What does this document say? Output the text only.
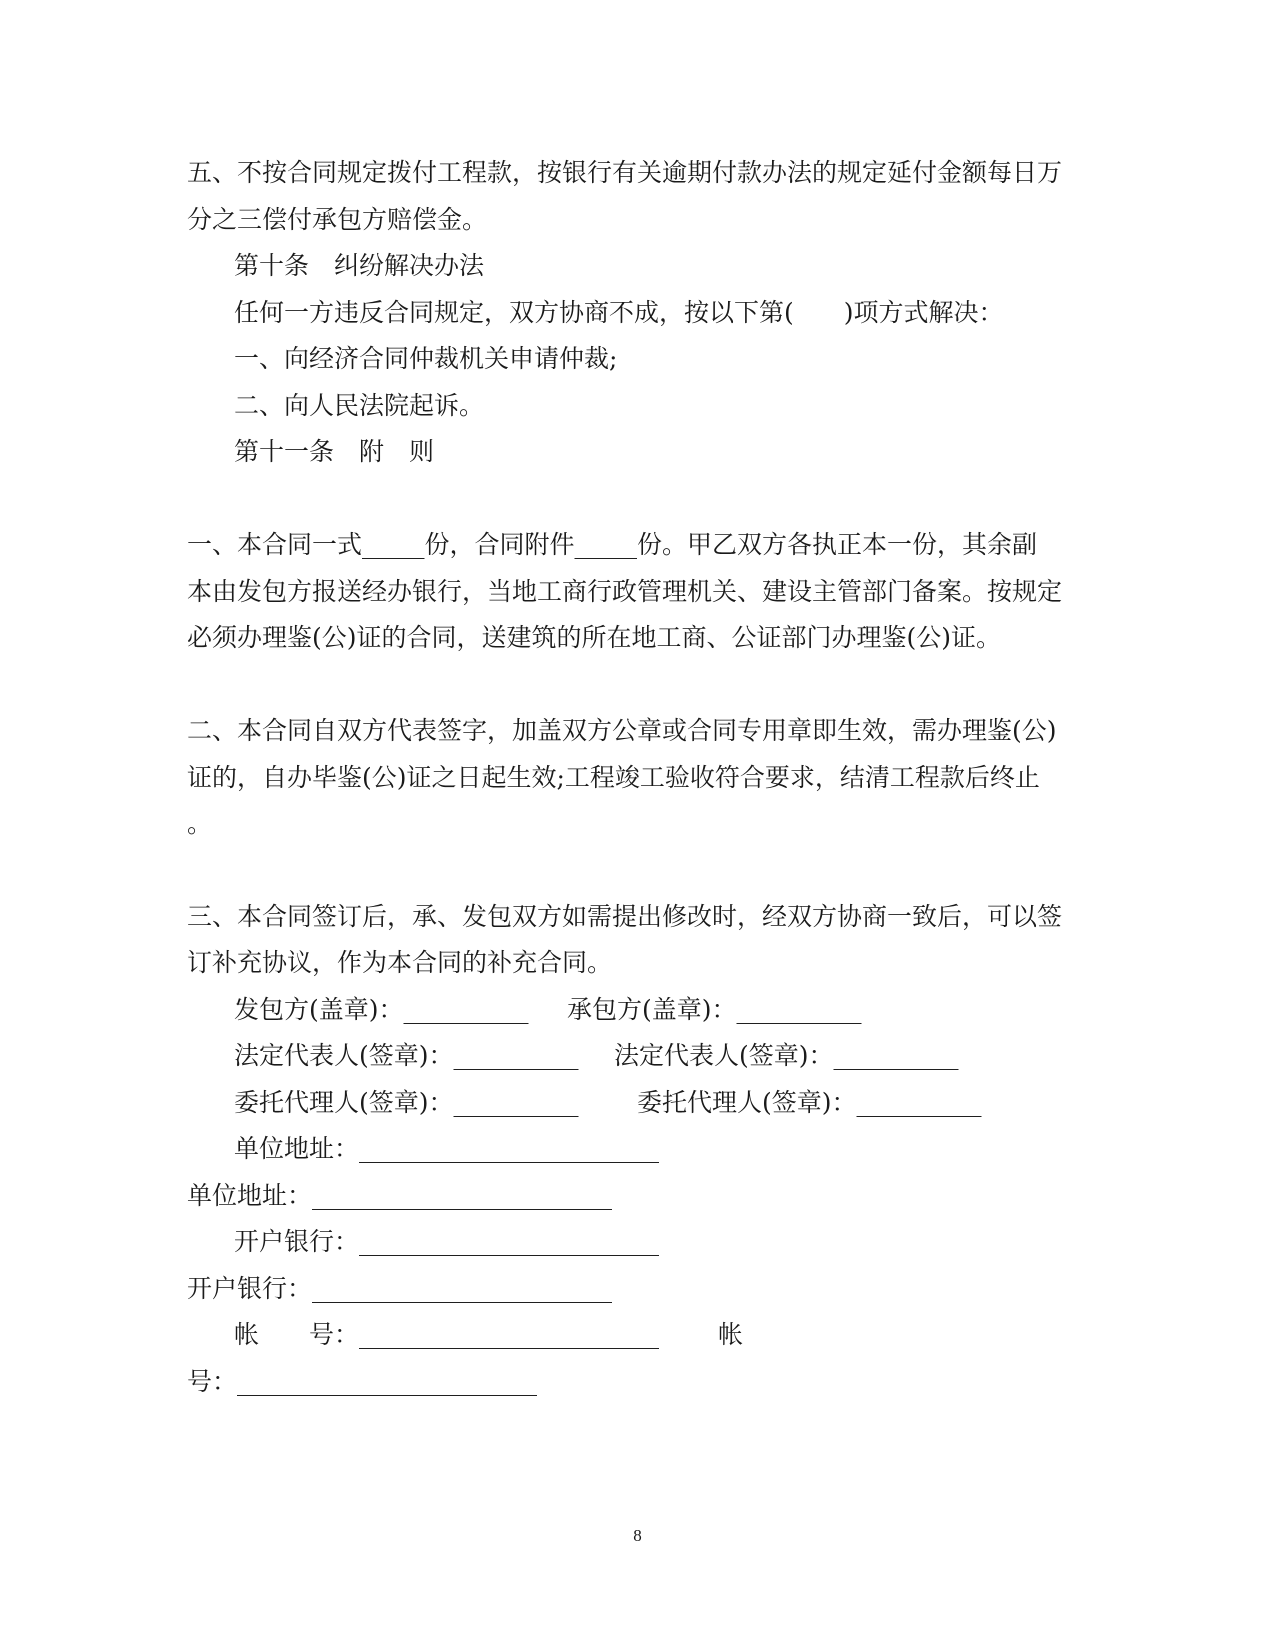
五、不按合同规定拨付工程款，按银行有关逾期付款办法的规定延付金额每日万

分之三偿付承包方赔偿金。

第十条　纠纷解决办法

任何一方违反合同规定，双方协商不成，按以下第(　　)项方式解决：

一、向经济合同仲裁机关申请仲裁;

二、向人民法院起诉。

第十一条　附　则

一、本合同一式_____份，合同附件_____份。甲乙双方各执正本一份，其余副

本由发包方报送经办银行，当地工商行政管理机关、建设主管部门备案。按规定

必须办理鉴(公)证的合同，送建筑的所在地工商、公证部门办理鉴(公)证。

二、本合同自双方代表签字，加盖双方公章或合同专用章即生效，需办理鉴(公)

证的，自办毕鉴(公)证之日起生效;工程竣工验收符合要求，结清工程款后终止

。

三、本合同签订后，承、发包双方如需提出修改时，经双方协商一致后，可以签

订补充协议，作为本合同的补充合同。

发包方(盖章)：__________ 承包方(盖章)：__________

法定代表人(签章)：__________ 法定代表人(签章)：__________

委托代理人(签章)：__________ 委托代理人(签章)：__________

单位地址：________________________

单位地址：________________________

开户银行：________________________

开户银行：________________________

帐　　号：________________________ 帐

号：________________________

8
